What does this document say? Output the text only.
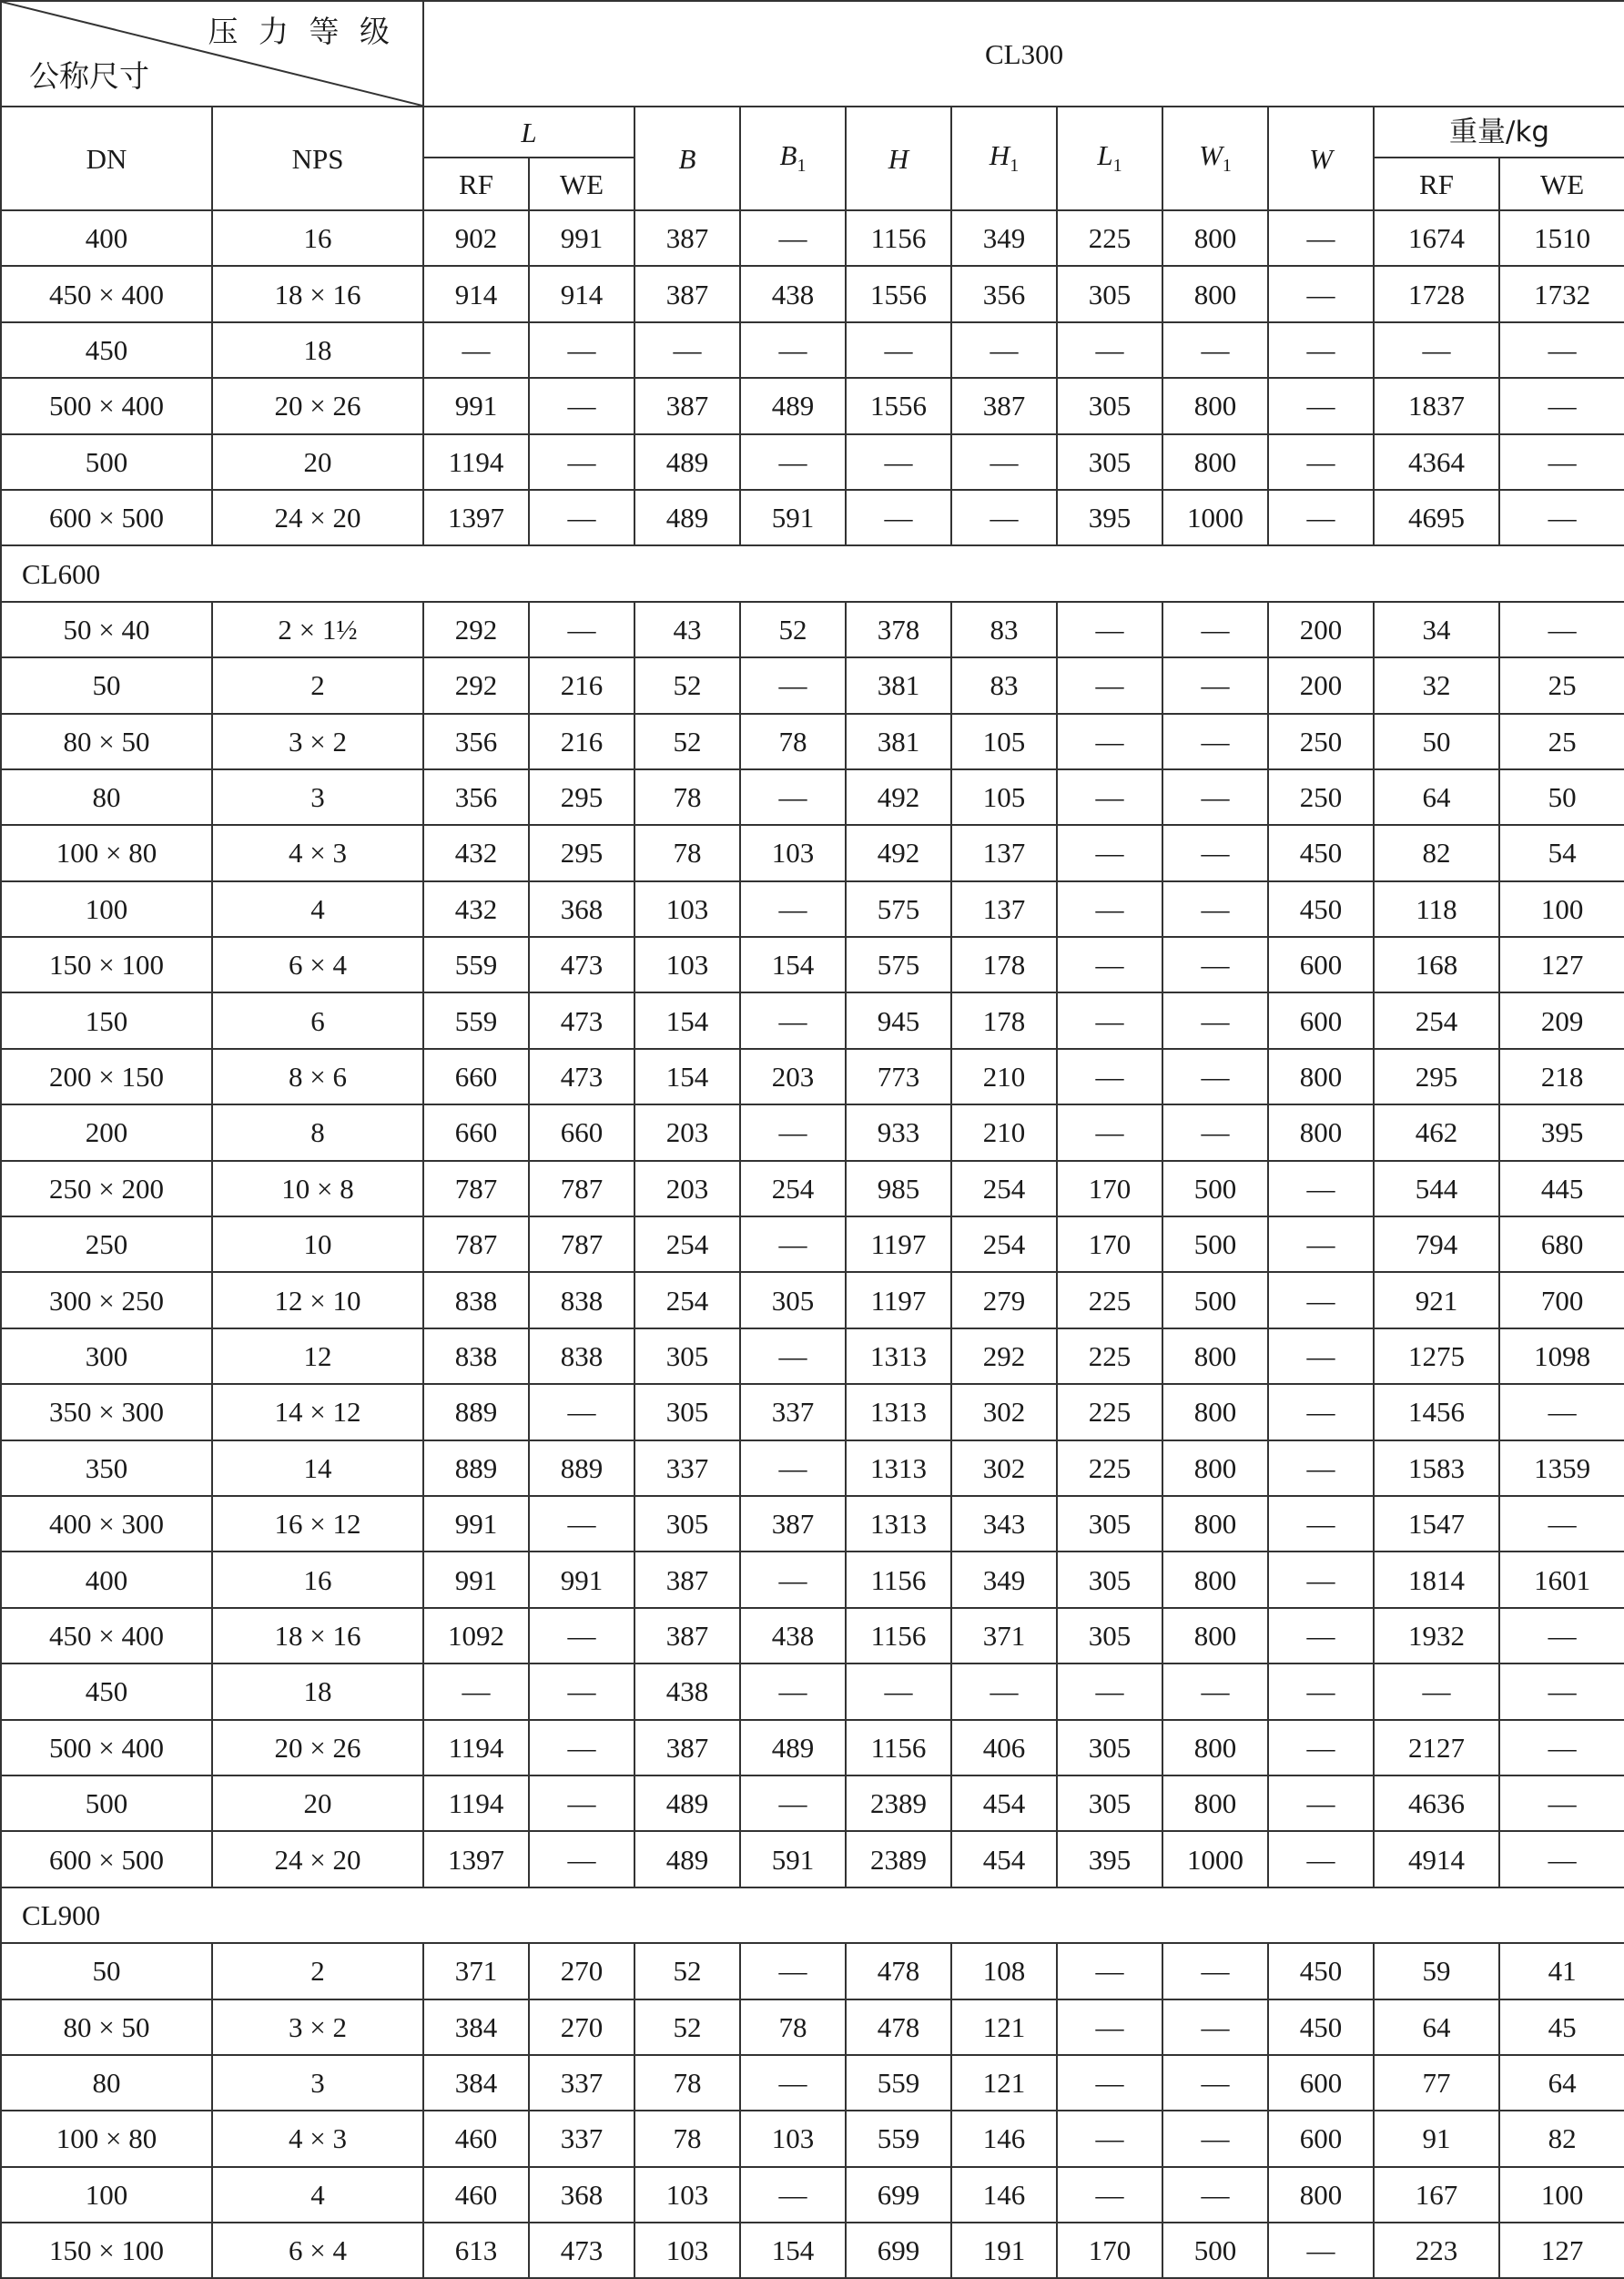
压 力 等 级
公称尺寸		CL300										
DN	NPS	L		B	$B_1$	H	$H_1$	$L_1$	$W_1$	W	重量/kg	
		RF	WE								RF	WE
400	16	902	991	387	—	1156	349	225	800	—	1674	1510
450 × 400	18 × 16	914	914	387	438	1556	356	305	800	—	1728	1732
450	18	—	—	—	—	—	—	—	—	—	—	—
500 × 400	20 × 26	991	—	387	489	1556	387	305	800	—	1837	—
500	20	1194	—	489	—	—	—	305	800	—	4364	—
600 × 500	24 × 20	1397	—	489	591	—	—	395	1000	—	4695	—
CL600												
50 × 40	2 × 1½	292	—	43	52	378	83	—	—	200	34	—
50	2	292	216	52	—	381	83	—	—	200	32	25
80 × 50	3 × 2	356	216	52	78	381	105	—	—	250	50	25
80	3	356	295	78	—	492	105	—	—	250	64	50
100 × 80	4 × 3	432	295	78	103	492	137	—	—	450	82	54
100	4	432	368	103	—	575	137	—	—	450	118	100
150 × 100	6 × 4	559	473	103	154	575	178	—	—	600	168	127
150	6	559	473	154	—	945	178	—	—	600	254	209
200 × 150	8 × 6	660	473	154	203	773	210	—	—	800	295	218
200	8	660	660	203	—	933	210	—	—	800	462	395
250 × 200	10 × 8	787	787	203	254	985	254	170	500	—	544	445
250	10	787	787	254	—	1197	254	170	500	—	794	680
300 × 250	12 × 10	838	838	254	305	1197	279	225	500	—	921	700
300	12	838	838	305	—	1313	292	225	800	—	1275	1098
350 × 300	14 × 12	889	—	305	337	1313	302	225	800	—	1456	—
350	14	889	889	337	—	1313	302	225	800	—	1583	1359
400 × 300	16 × 12	991	—	305	387	1313	343	305	800	—	1547	—
400	16	991	991	387	—	1156	349	305	800	—	1814	1601
450 × 400	18 × 16	1092	—	387	438	1156	371	305	800	—	1932	—
450	18	—	—	438	—	—	—	—	—	—	—	—
500 × 400	20 × 26	1194	—	387	489	1156	406	305	800	—	2127	—
500	20	1194	—	489	—	2389	454	305	800	—	4636	—
600 × 500	24 × 20	1397	—	489	591	2389	454	395	1000	—	4914	—
CL900												
50	2	371	270	52	—	478	108	—	—	450	59	41
80 × 50	3 × 2	384	270	52	78	478	121	—	—	450	64	45
80	3	384	337	78	—	559	121	—	—	600	77	64
100 × 80	4 × 3	460	337	78	103	559	146	—	—	600	91	82
100	4	460	368	103	—	699	146	—	—	800	167	100
150 × 100	6 × 4	613	473	103	154	699	191	170	500	—	223	127
